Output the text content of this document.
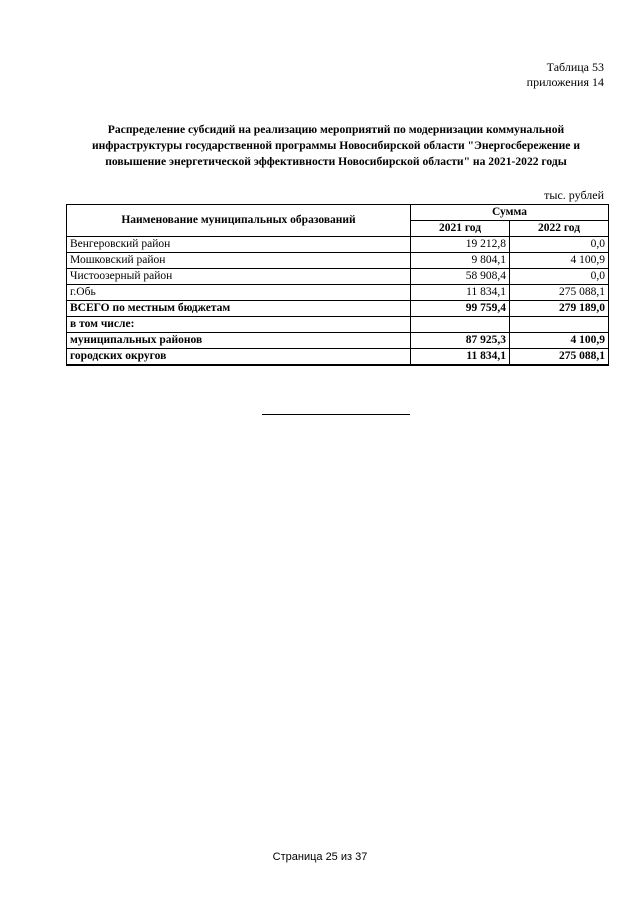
Таблица 53
приложения 14
Распределение субсидий на реализацию мероприятий по модернизации коммунальной
инфраструктуры государственной программы Новосибирской области "Энергосбережение и
повышение энергетической эффективности Новосибирской области" на 2021-2022 годы
тыс. рублей
Наименование муниципальных образований	Сумма	
	2021 год	2022 год
Венгеровский район	19 212,8	0,0
Мошковский район	9 804,1	4 100,9
Чистоозерный район	58 908,4	0,0
г.Обь	11 834,1	275 088,1
ВСЕГО по местным бюджетам	99 759,4	279 189,0
в том числе:		
муниципальных районов	87 925,3	4 100,9
городских округов	11 834,1	275 088,1
Страница 25 из 37
